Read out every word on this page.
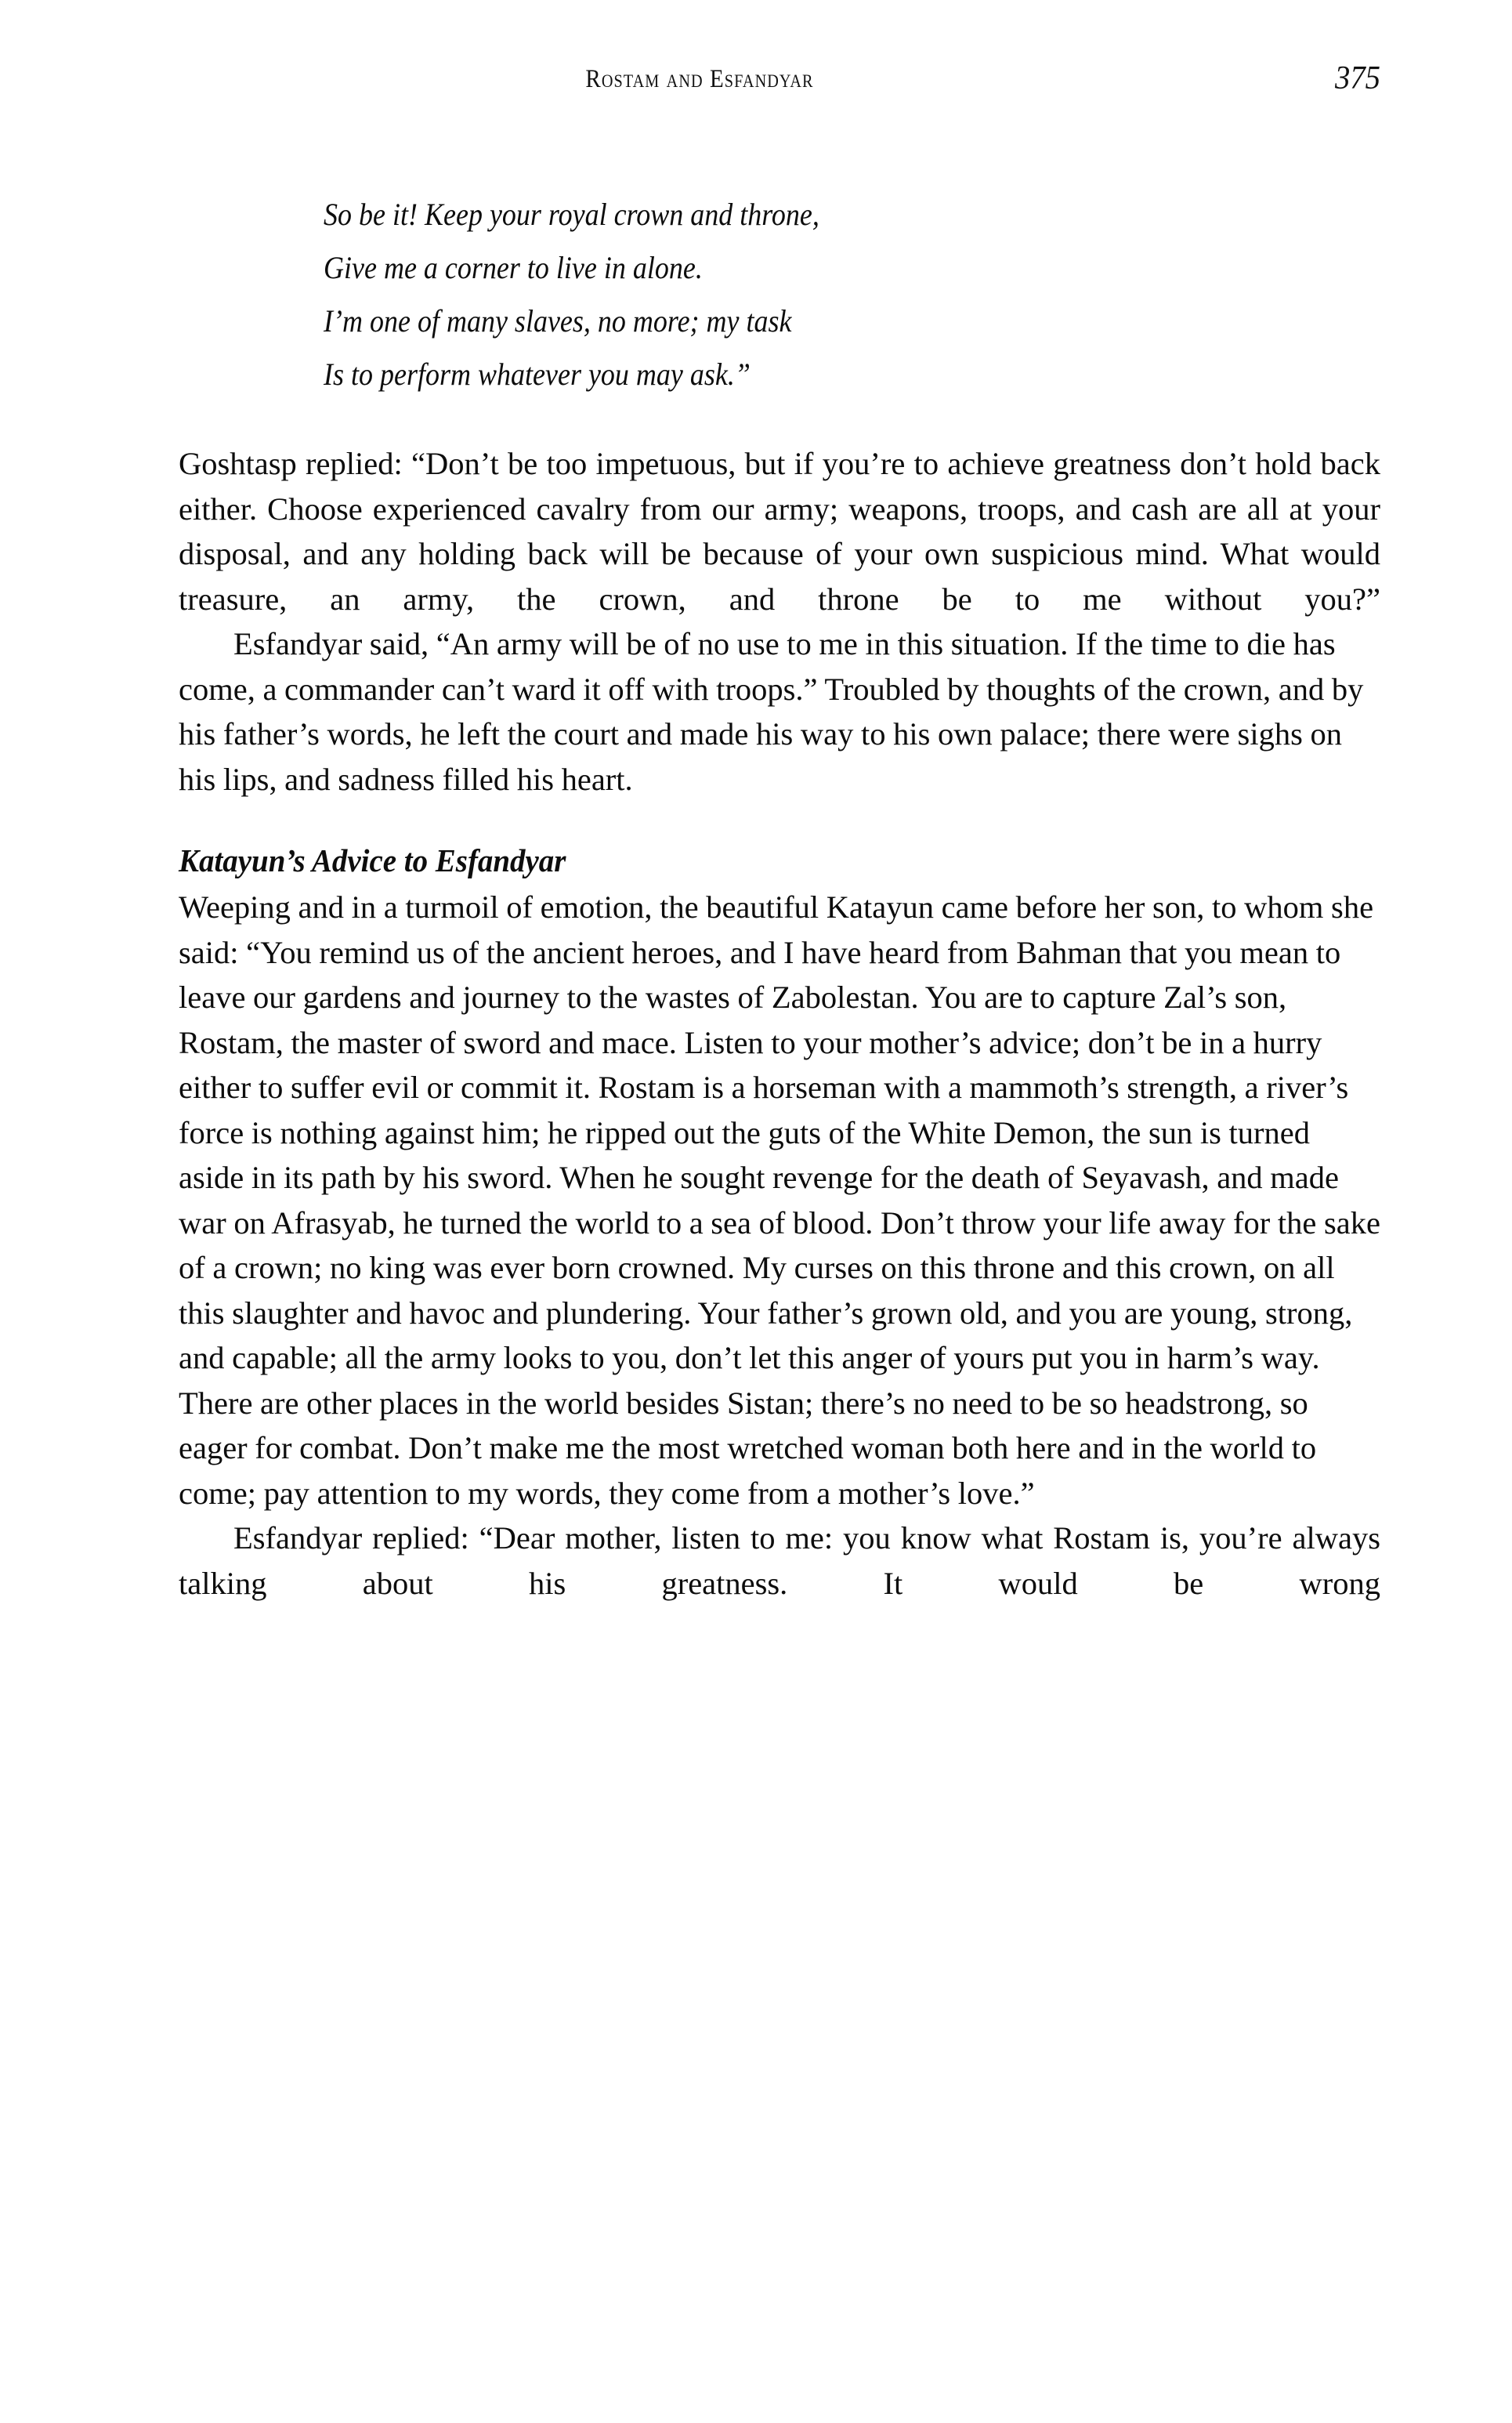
Rostam and Esfandyar	375
So be it! Keep your royal crown and throne,
Give me a corner to live in alone.
I’m one of many slaves, no more; my task
Is to perform whatever you may ask.”

Goshtasp replied: “Don’t be too impetuous, but if you’re to achieve greatness don’t hold back either. Choose experienced cavalry from our army; weapons, troops, and cash are all at your disposal, and any holding back will be because of your own suspicious mind. What would treasure, an army, the crown, and throne be to me without you?”

Esfandyar said, “An army will be of no use to me in this situation. If the time to die has come, a commander can’t ward it off with troops.” Troubled by thoughts of the crown, and by his father’s words, he left the court and made his way to his own palace; there were sighs on his lips, and sadness filled his heart.

Katayun’s Advice to Esfandyar

Weeping and in a turmoil of emotion, the beautiful Katayun came before her son, to whom she said: “You remind us of the ancient heroes, and I have heard from Bahman that you mean to leave our gardens and journey to the wastes of Zabolestan. You are to capture Zal’s son, Rostam, the master of sword and mace. Listen to your mother’s advice; don’t be in a hurry either to suffer evil or commit it. Rostam is a horseman with a mammoth’s strength, a river’s force is nothing against him; he ripped out the guts of the White Demon, the sun is turned aside in its path by his sword. When he sought revenge for the death of Seyavash, and made war on Afrasyab, he turned the world to a sea of blood. Don’t throw your life away for the sake of a crown; no king was ever born crowned. My curses on this throne and this crown, on all this slaughter and havoc and plundering. Your father’s grown old, and you are young, strong, and capable; all the army looks to you, don’t let this anger of yours put you in harm’s way. There are other places in the world besides Sistan; there’s no need to be so headstrong, so eager for combat. Don’t make me the most wretched woman both here and in the world to come; pay attention to my words, they come from a mother’s love.”

Esfandyar replied: “Dear mother, listen to me: you know what Rostam is, you’re always talking about his greatness. It would be wrong
